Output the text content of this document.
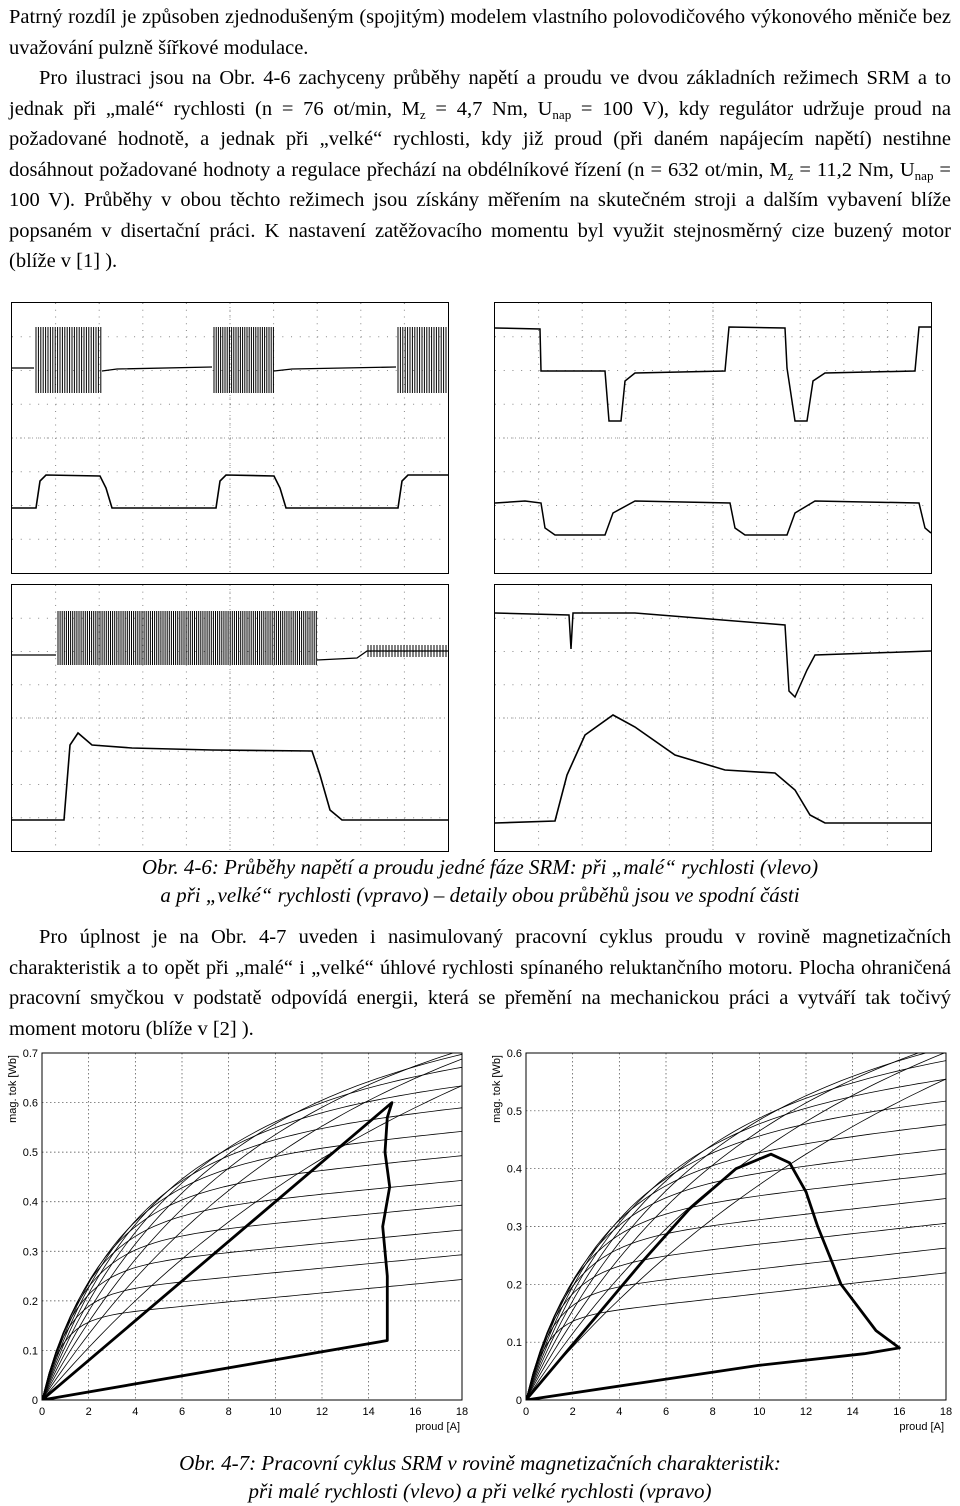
Patrný rozdíl je způsoben zjednodušeným (spojitým) modelem vlastního polovodičového výkonového měniče bez uvažování pulzně šířkové modulace.

Pro ilustraci jsou na Obr. 4-6 zachyceny průběhy napětí a proudu ve dvou základních režimech SRM a to jednak při „malé“ rychlosti (n = 76 ot/min, $M_z = 4,7$ Nm, $U_{nap} = 100$ V), kdy regulátor udržuje proud na požadované hodnotě, a jednak při „velké“ rychlosti, kdy již proud (při daném napájecím napětí) nestihne dosáhnout požadované hodnoty a regulace přechází na obdélníkové řízení (n = 632 ot/min, $M_z = 11,2$ Nm, $U_{nap} = 100$ V). Průběhy v obou těchto režimech jsou získány měřením na skutečném stroji a dalším vybavení blíže popsaném v disertační práci. K nastavení zatěžovacího momentu byl využit stejnosměrný cize buzený motor (blíže v [1] ).

Obr. 4-6: Průběhy napětí a proudu jedné fáze SRM: při „malé“ rychlosti (vlevo)
a při „velké“ rychlosti (vpravo) – detaily obou průběhů jsou ve spodní části

Pro úplnost je na Obr. 4-7 uveden i nasimulovaný pracovní cyklus proudu v rovině magnetizačních charakteristik a to opět při „malé“ i „velké“ úhlové rychlosti spínaného reluktančního motoru. Plocha ohraničená pracovní smyčkou v podstatě odpovídá energii, která se přemění na mechanickou práci a vytváří tak točivý moment motoru (blíže v [2] ).

0	2	4	6	8	10	12	14	16	18
0
0.1
0.2
0.3
0.4
0.5
0.6
0.7
proud [A]
mag. tok [Wb]
0	2	4	6	8	10	12	14	16	18
0
0.1
0.2
0.3
0.4
0.5
0.6
proud [A]
mag. tok [Wb]
Obr. 4-7: Pracovní cyklus SRM v rovině magnetizačních charakteristik:
při malé rychlosti (vlevo) a při velké rychlosti (vpravo)
